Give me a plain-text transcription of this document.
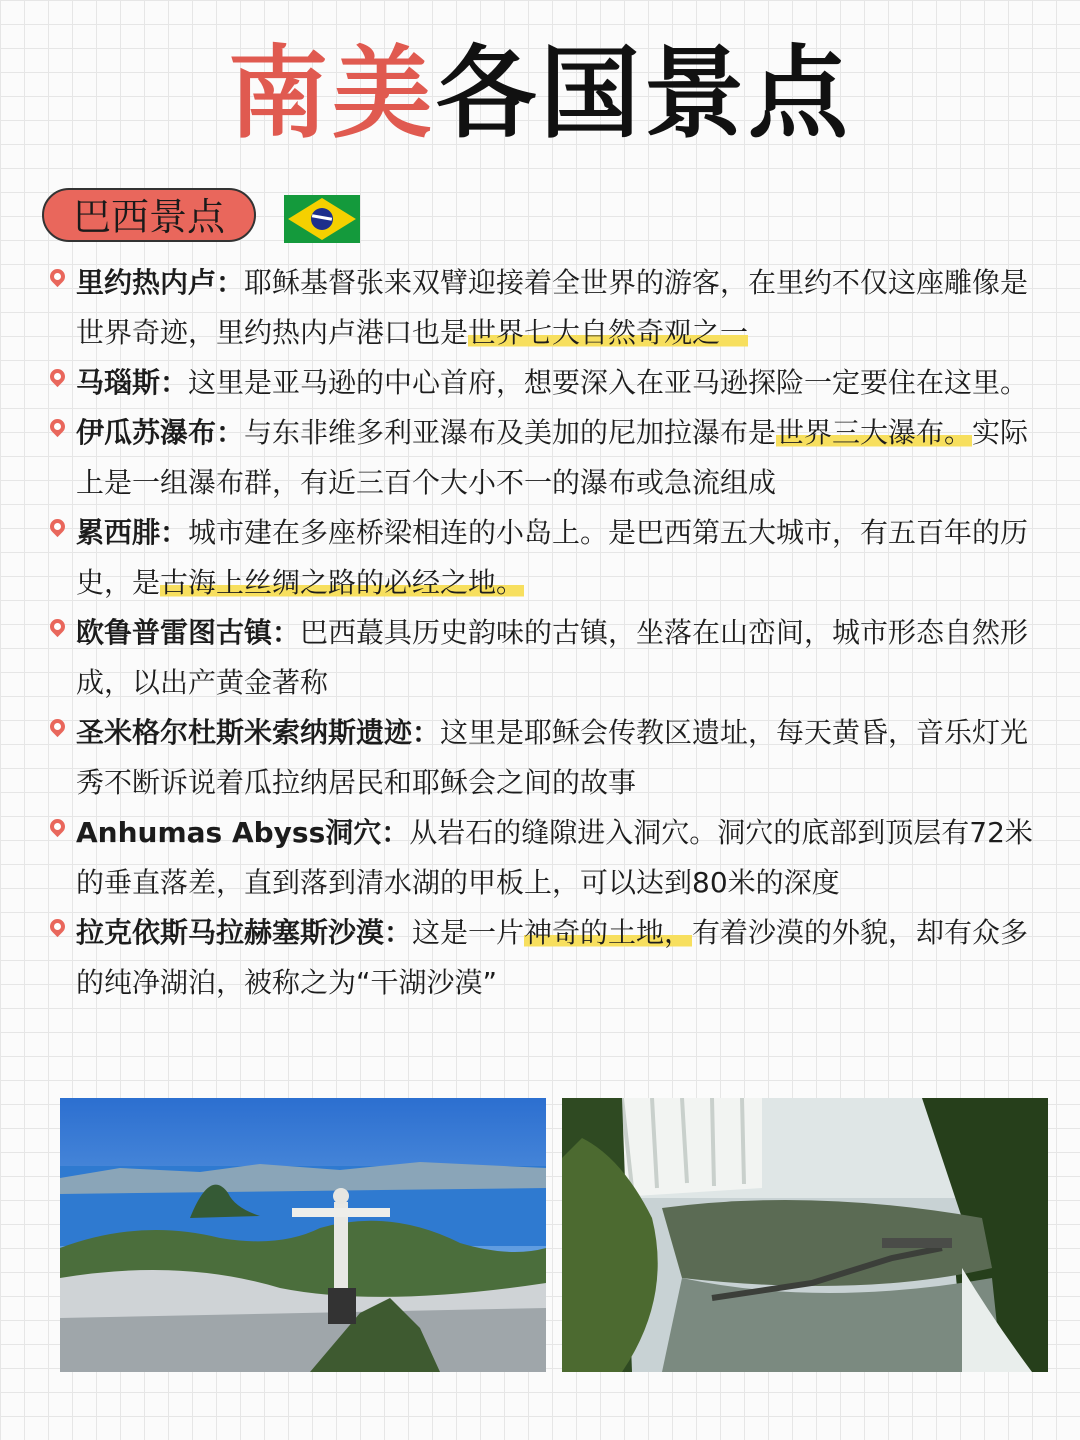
南美各国景点
巴西景点

里约热内卢：耶稣基督张来双臂迎接着全世界的游客，在里约不仅这座雕像是世界奇迹，里约热内卢港口也是世界七大自然奇观之一

马瑙斯：这里是亚马逊的中心首府，想要深入在亚马逊探险一定要住在这里。

伊瓜苏瀑布：与东非维多利亚瀑布及美加的尼加拉瀑布是世界三大瀑布。实际上是一组瀑布群，有近三百个大小不一的瀑布或急流组成

累西腓：城市建在多座桥梁相连的小岛上。是巴西第五大城市，有五百年的历史，是古海上丝绸之路的必经之地。

欧鲁普雷图古镇：巴西蕞具历史韵味的古镇，坐落在山峦间，城市形态自然形成，以出产黄金著称

圣米格尔杜斯米索纳斯遗迹：这里是耶稣会传教区遗址，每天黄昏，音乐灯光秀不断诉说着瓜拉纳居民和耶稣会之间的故事

Anhumas Abyss洞穴：从岩石的缝隙进入洞穴。洞穴的底部到顶层有72米的垂直落差，直到落到清水湖的甲板上，可以达到80米的深度

拉克依斯马拉赫塞斯沙漠：这是一片神奇的土地，有着沙漠的外貌，却有众多的纯净湖泊，被称之为“干湖沙漠”
